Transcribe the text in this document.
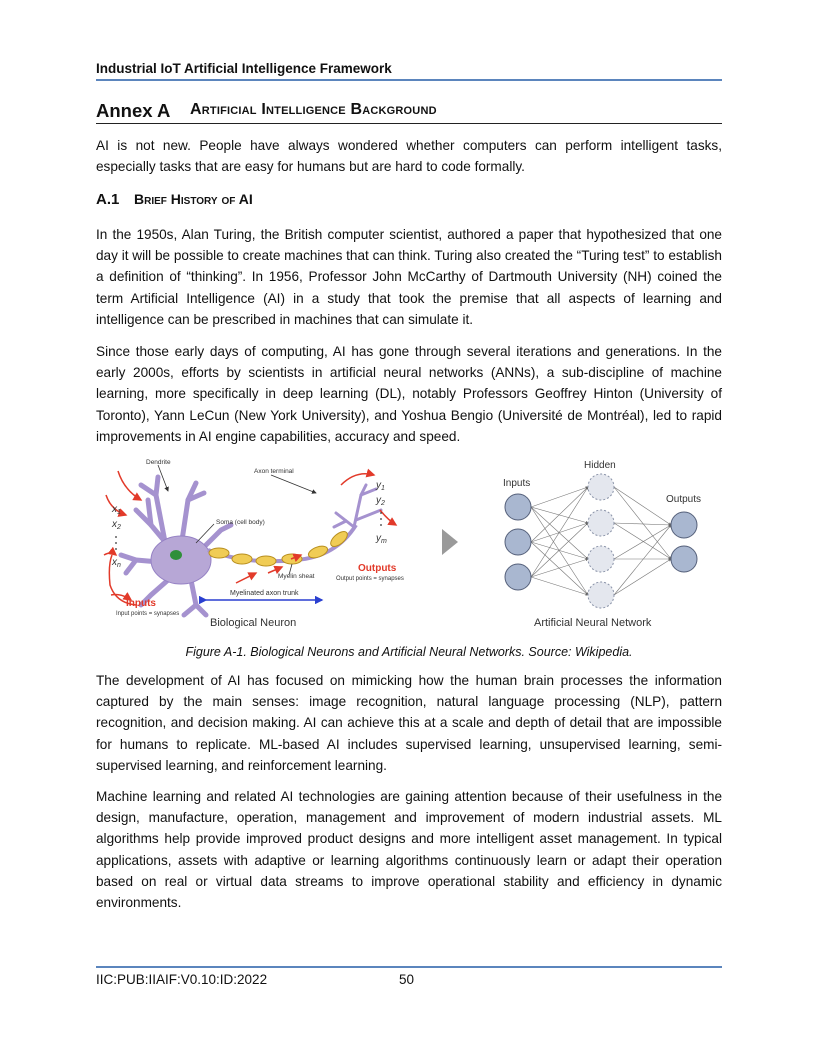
Industrial IoT Artificial Intelligence Framework
Annex A Artificial Intelligence Background

AI is not new. People have always wondered whether computers can perform intelligent tasks, especially tasks that are easy for humans but are hard to code formally.

A.1 Brief History of AI

In the 1950s, Alan Turing, the British computer scientist, authored a paper that hypothesized that one day it will be possible to create machines that can think. Turing also created the “Turing test” to establish a definition of “thinking”. In 1956, Professor John McCarthy of Dartmouth University (NH) coined the term Artificial Intelligence (AI) in a study that took the premise that all aspects of learning and intelligence can be prescribed in machines that can simulate it.

Since those early days of computing, AI has gone through several iterations and generations. In the early 2000s, efforts by scientists in artificial neural networks (ANNs), a sub-discipline of machine learning, more specifically in deep learning (DL), notably Professors Geoffrey Hinton (University of Toronto), Yann LeCun (New York University), and Yoshua Bengio (Université de Montréal), led to rapid improvements in AI engine capabilities, accuracy and speed.

Dendrite
Axon terminal
Soma (cell body)
Myelin sheat
Myelinated axon trunk
Outputs
Output points = synapses
Inputs
Input points = synapses
$x_1$
$x_2$
$x_n$
$y_1$
$y_2$
$y_m$
Biological Neuron
Inputs
Hidden
Outputs
Artificial Neural Network
Figure A-1. Biological Neurons and Artificial Neural Networks. Source: Wikipedia.

The development of AI has focused on mimicking how the human brain processes the information captured by the main senses: image recognition, natural language processing (NLP), pattern recognition, and decision making. AI can achieve this at a scale and depth of detail that are impossible for humans to replicate. ML-based AI includes supervised learning, unsupervised learning, semi-supervised learning, and reinforcement learning.

Machine learning and related AI technologies are gaining attention because of their usefulness in the design, manufacture, operation, management and improvement of modern industrial assets. ML algorithms help provide improved product designs and more intelligent asset management. In typical applications, assets with adaptive or learning algorithms continuously learn or adapt their operation based on real or virtual data streams to improve operational stability and efficiency in dynamic environments.

IIC:PUB:IIAIF:V0.10:ID:2022	50
